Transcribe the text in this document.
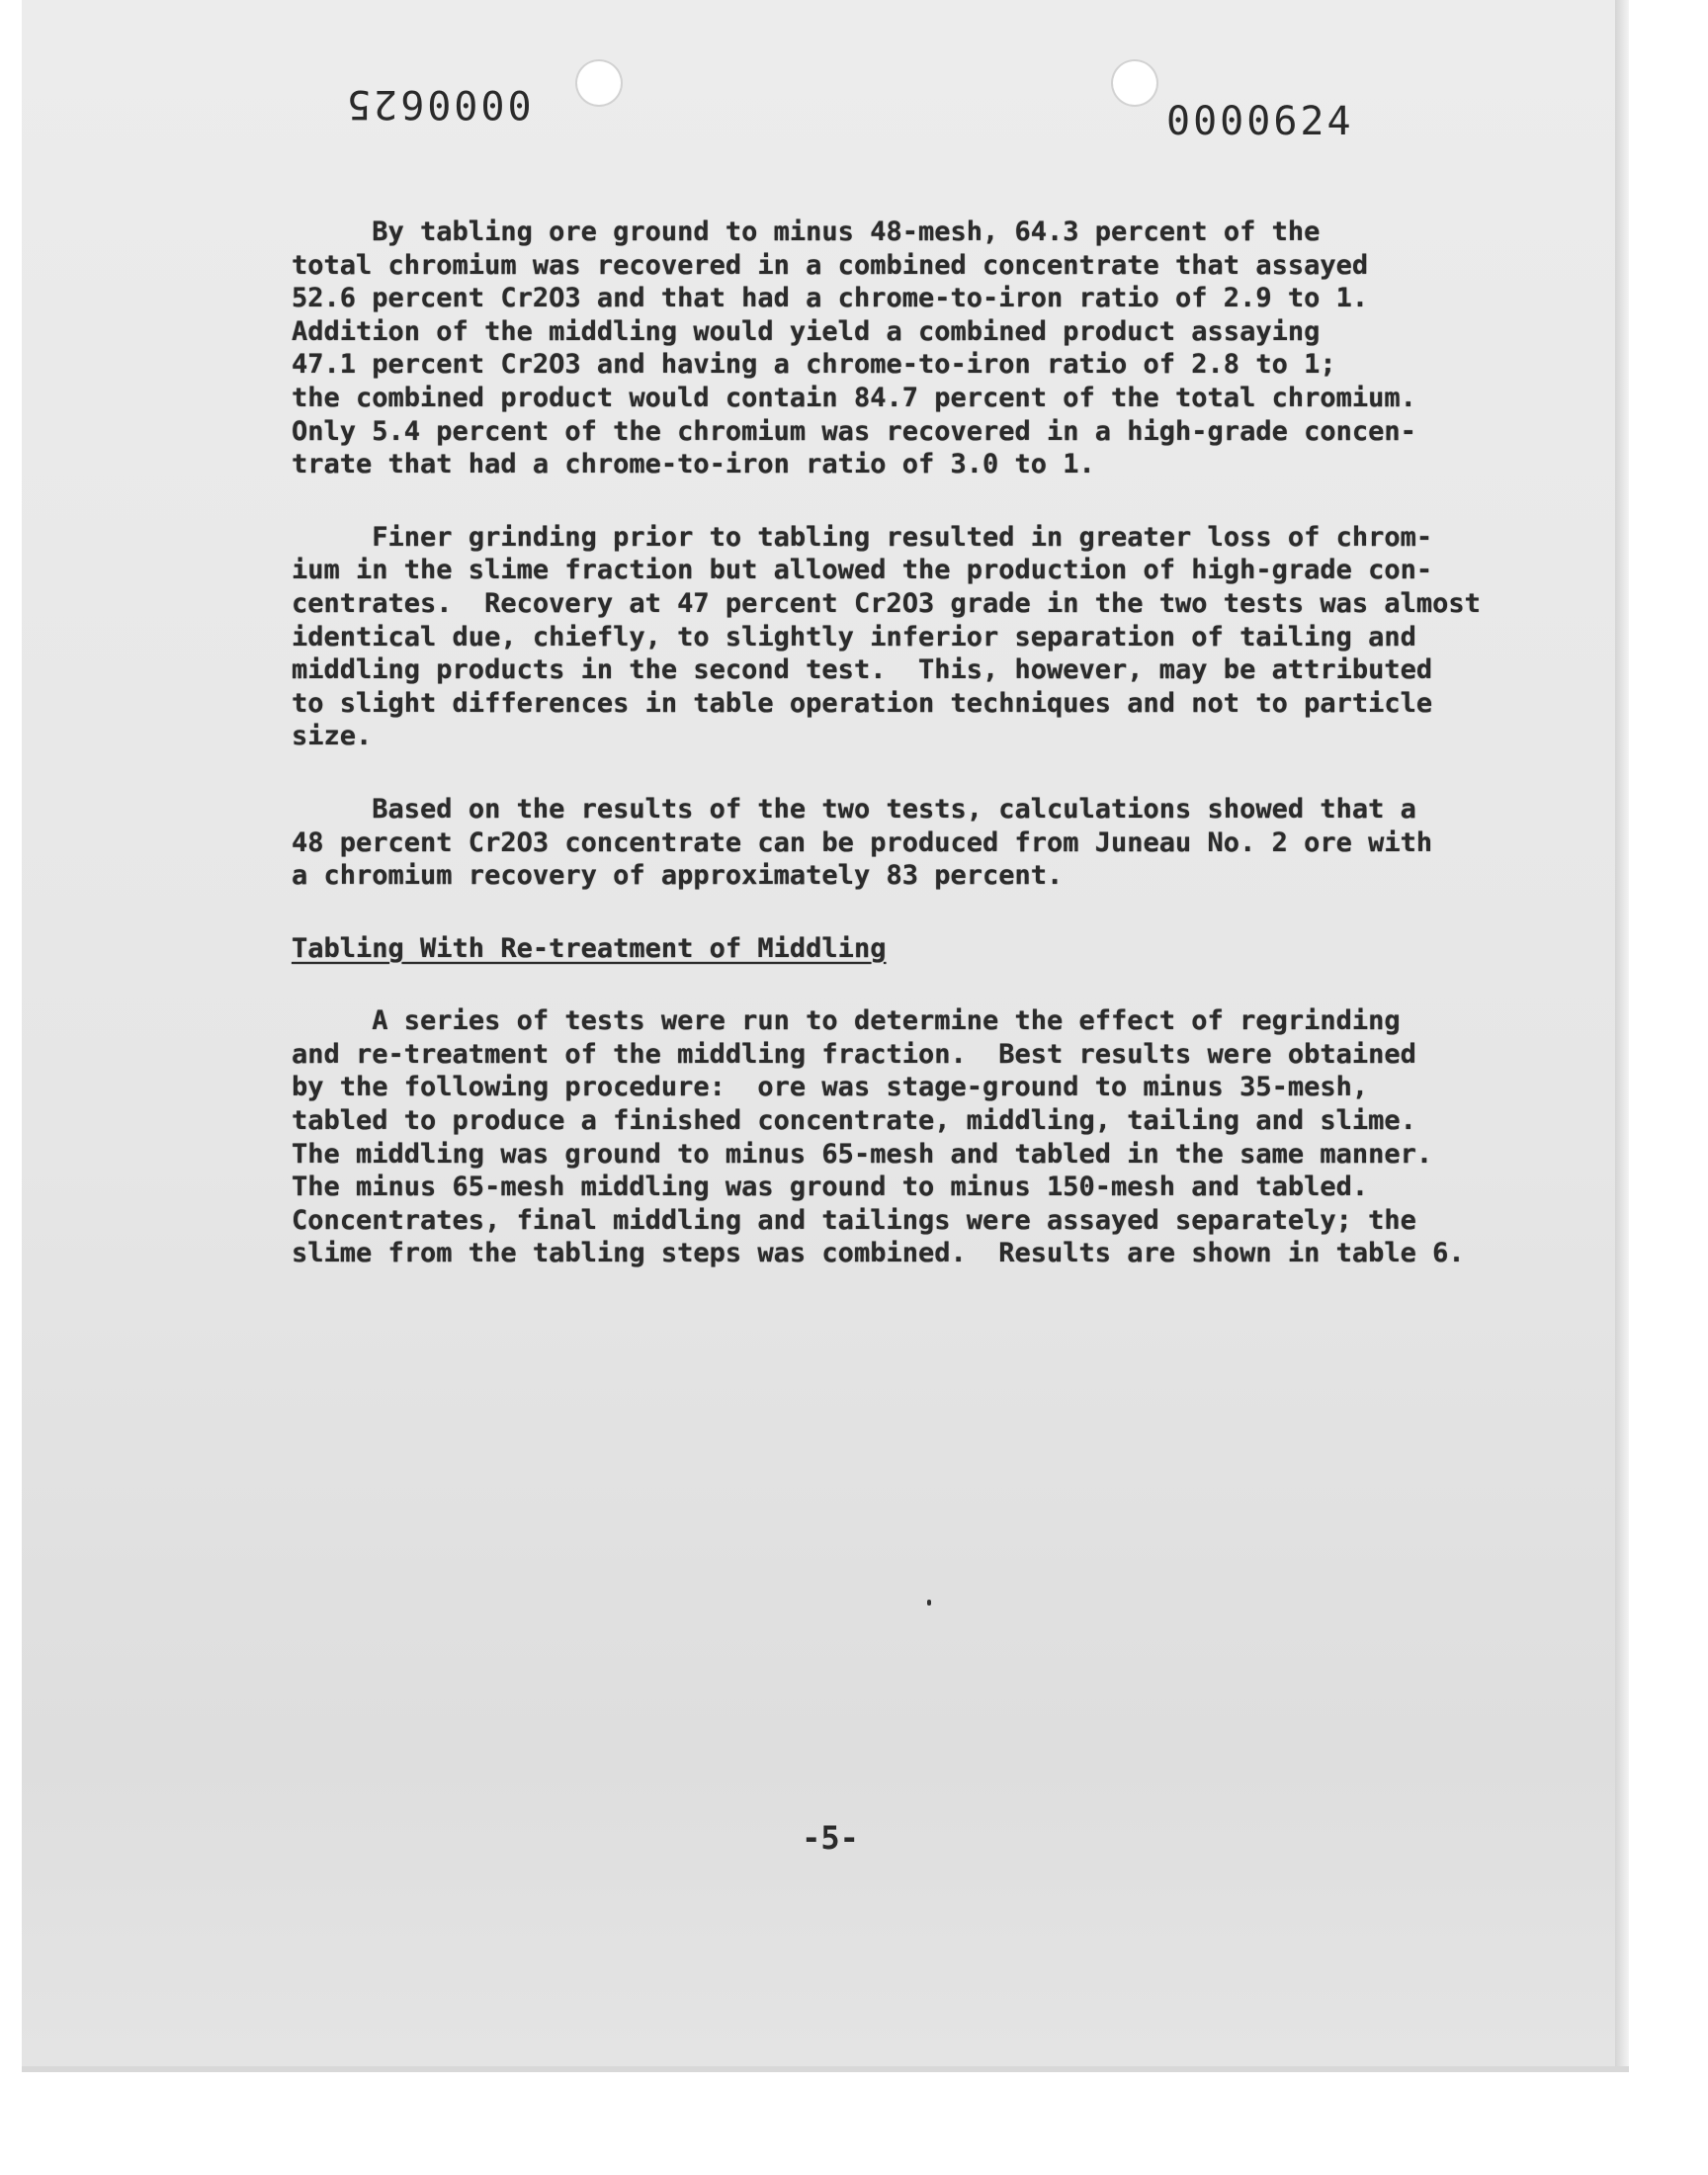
0000625	0000624
By tabling ore ground to minus 48-mesh, 64.3 percent of the
total chromium was recovered in a combined concentrate that assayed
52.6 percent Cr2O3 and that had a chrome-to-iron ratio of 2.9 to 1.
Addition of the middling would yield a combined product assaying
47.1 percent Cr2O3 and having a chrome-to-iron ratio of 2.8 to 1;
the combined product would contain 84.7 percent of the total chromium.
Only 5.4 percent of the chromium was recovered in a high-grade concen-
trate that had a chrome-to-iron ratio of 3.0 to 1.
Finer grinding prior to tabling resulted in greater loss of chrom-
ium in the slime fraction but allowed the production of high-grade con-
centrates.  Recovery at 47 percent Cr2O3 grade in the two tests was almost
identical due, chiefly, to slightly inferior separation of tailing and
middling products in the second test.  This, however, may be attributed
to slight differences in table operation techniques and not to particle
size.
Based on the results of the two tests, calculations showed that a
48 percent Cr2O3 concentrate can be produced from Juneau No. 2 ore with
a chromium recovery of approximately 83 percent.
Tabling With Re-treatment of Middling
A series of tests were run to determine the effect of regrinding
and re-treatment of the middling fraction.  Best results were obtained
by the following procedure:  ore was stage-ground to minus 35-mesh,
tabled to produce a finished concentrate, middling, tailing and slime.
The middling was ground to minus 65-mesh and tabled in the same manner.
The minus 65-mesh middling was ground to minus 150-mesh and tabled.
Concentrates, final middling and tailings were assayed separately; the
slime from the tabling steps was combined.  Results are shown in table 6.
-5-
